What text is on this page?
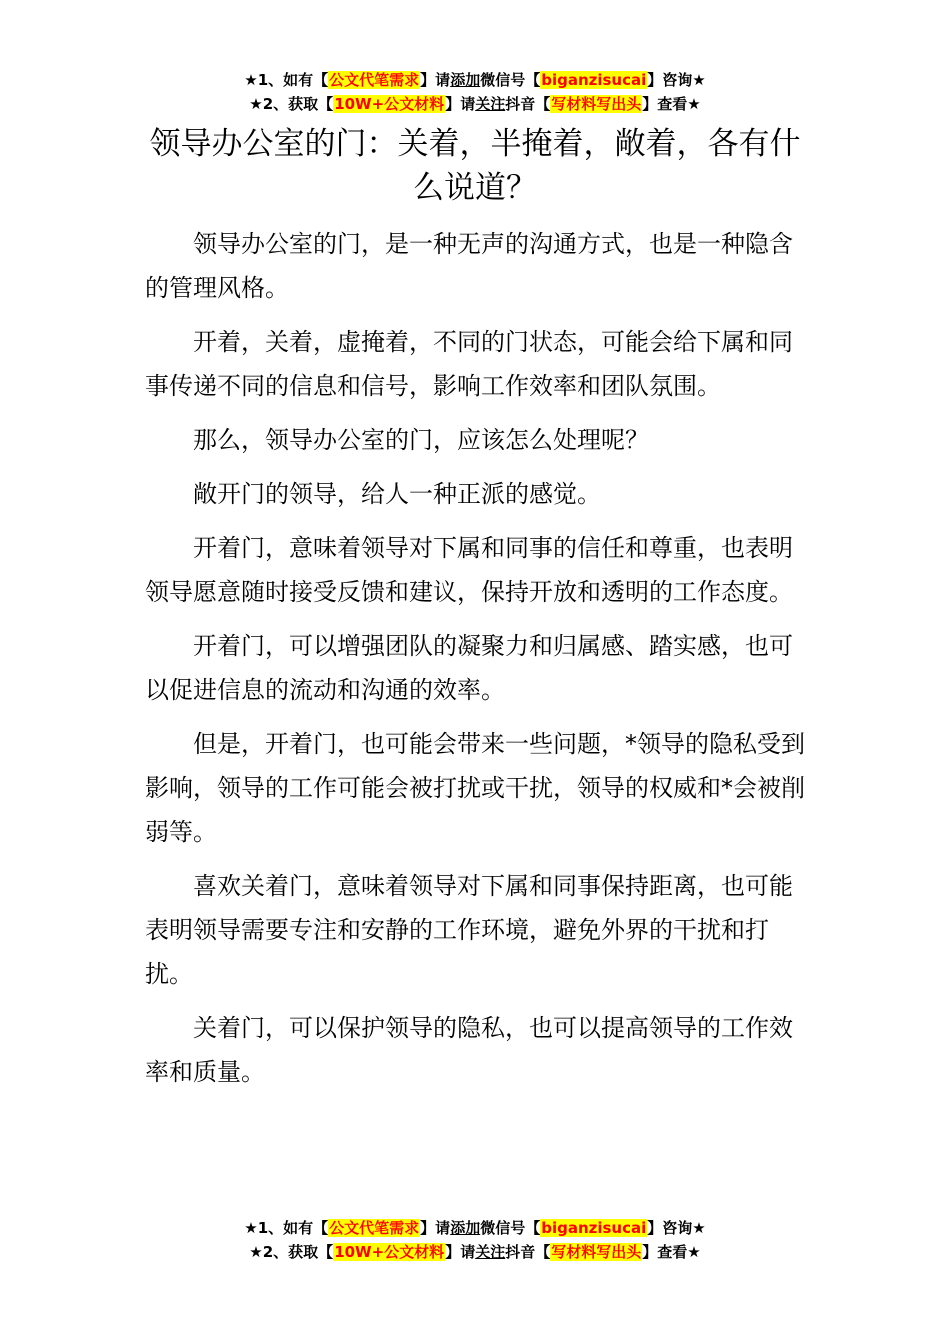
★1、如有【公文代笔需求】请添加微信号【biganzisucai】咨询★
★2、获取【10W+公文材料】请关注抖音【写材料写出头】查看★
领导办公室的门：关着，半掩着，敞着，各有什么说道？

领导办公室的门，是一种无声的沟通方式，也是一种隐含的管理风格。

开着，关着，虚掩着，不同的门状态，可能会给下属和同事传递不同的信息和信号，影响工作效率和团队氛围。

那么，领导办公室的门，应该怎么处理呢？

敞开门的领导，给人一种正派的感觉。

开着门，意味着领导对下属和同事的信任和尊重，也表明领导愿意随时接受反馈和建议，保持开放和透明的工作态度。

开着门，可以增强团队的凝聚力和归属感、踏实感，也可以促进信息的流动和沟通的效率。

但是，开着门，也可能会带来一些问题，*领导的隐私受到影响，领导的工作可能会被打扰或干扰，领导的权威和*会被削弱等。

喜欢关着门，意味着领导对下属和同事保持距离，也可能表明领导需要专注和安静的工作环境，避免外界的干扰和打扰。

关着门，可以保护领导的隐私，也可以提高领导的工作效率和质量。

★1、如有【公文代笔需求】请添加微信号【biganzisucai】咨询★
★2、获取【10W+公文材料】请关注抖音【写材料写出头】查看★
